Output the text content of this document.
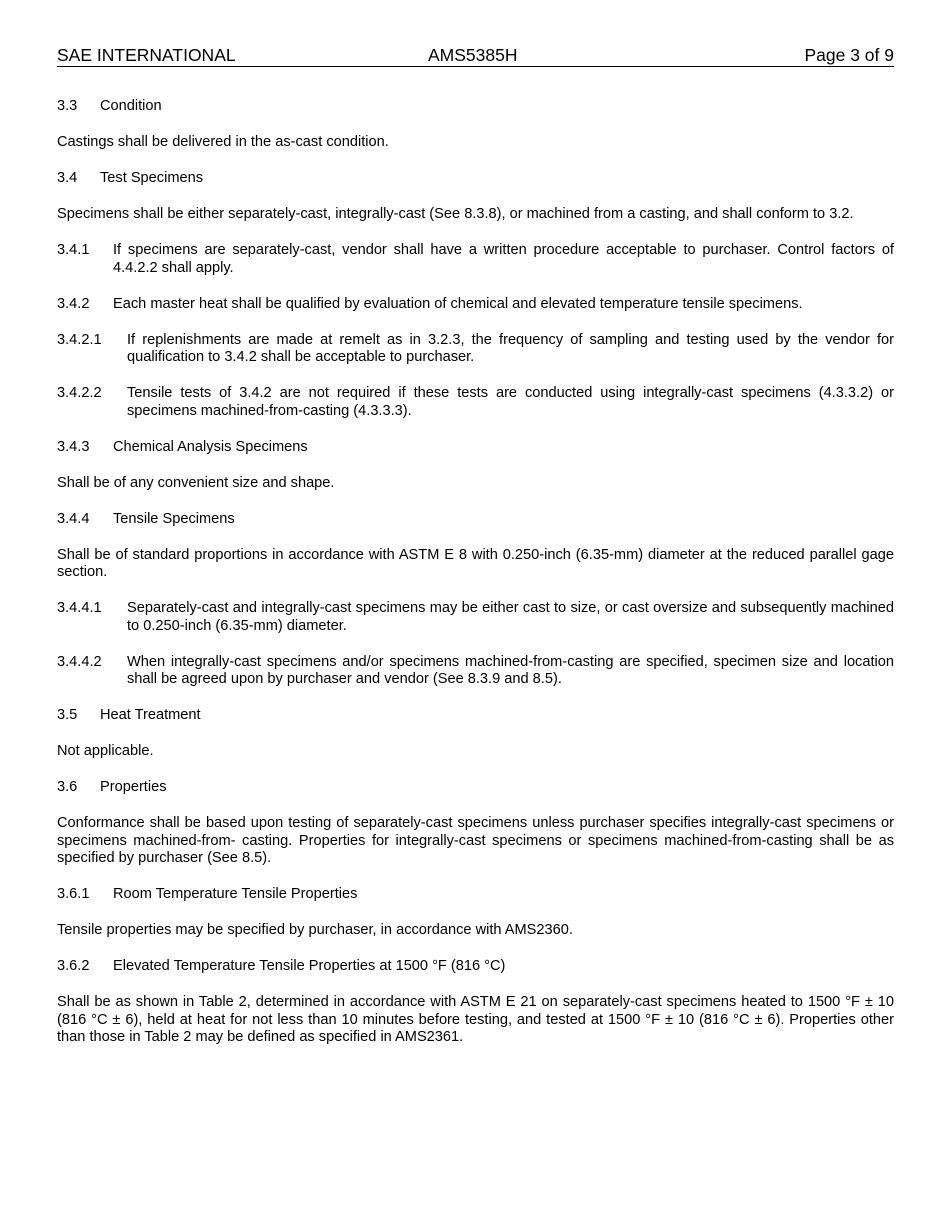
SAE INTERNATIONAL	AMS5385H	Page 3 of 9
3.3	Condition
Castings shall be delivered in the as-cast condition.
3.4	Test Specimens
Specimens shall be either separately-cast, integrally-cast (See 8.3.8), or machined from a casting, and shall conform to 3.2.
3.4.1	If specimens are separately-cast, vendor shall have a written procedure acceptable to purchaser. Control factors of 4.4.2.2 shall apply.
3.4.2	Each master heat shall be qualified by evaluation of chemical and elevated temperature tensile specimens.
3.4.2.1	If replenishments are made at remelt as in 3.2.3, the frequency of sampling and testing used by the vendor for qualification to 3.4.2 shall be acceptable to purchaser.
3.4.2.2	Tensile tests of 3.4.2 are not required if these tests are conducted using integrally-cast specimens (4.3.3.2) or specimens machined-from-casting (4.3.3.3).
3.4.3	Chemical Analysis Specimens
Shall be of any convenient size and shape.
3.4.4	Tensile Specimens
Shall be of standard proportions in accordance with ASTM E 8 with 0.250-inch (6.35-mm) diameter at the reduced parallel gage section.
3.4.4.1	Separately-cast and integrally-cast specimens may be either cast to size, or cast oversize and subsequently machined to 0.250-inch (6.35-mm) diameter.
3.4.4.2	When integrally-cast specimens and/or specimens machined-from-casting are specified, specimen size and location shall be agreed upon by purchaser and vendor (See 8.3.9 and 8.5).
3.5	Heat Treatment
Not applicable.
3.6	Properties
Conformance shall be based upon testing of separately-cast specimens unless purchaser specifies integrally-cast specimens or specimens machined-from- casting. Properties for integrally-cast specimens or specimens machined-from-casting shall be as specified by purchaser (See 8.5).
3.6.1	Room Temperature Tensile Properties
Tensile properties may be specified by purchaser, in accordance with AMS2360.
3.6.2	Elevated Temperature Tensile Properties at 1500 °F (816 °C)
Shall be as shown in Table 2, determined in accordance with ASTM E 21 on separately-cast specimens heated to 1500 °F ± 10 (816 °C ± 6), held at heat for not less than 10 minutes before testing, and tested at 1500 °F ± 10 (816 °C ± 6). Properties other than those in Table 2 may be defined as specified in AMS2361.
